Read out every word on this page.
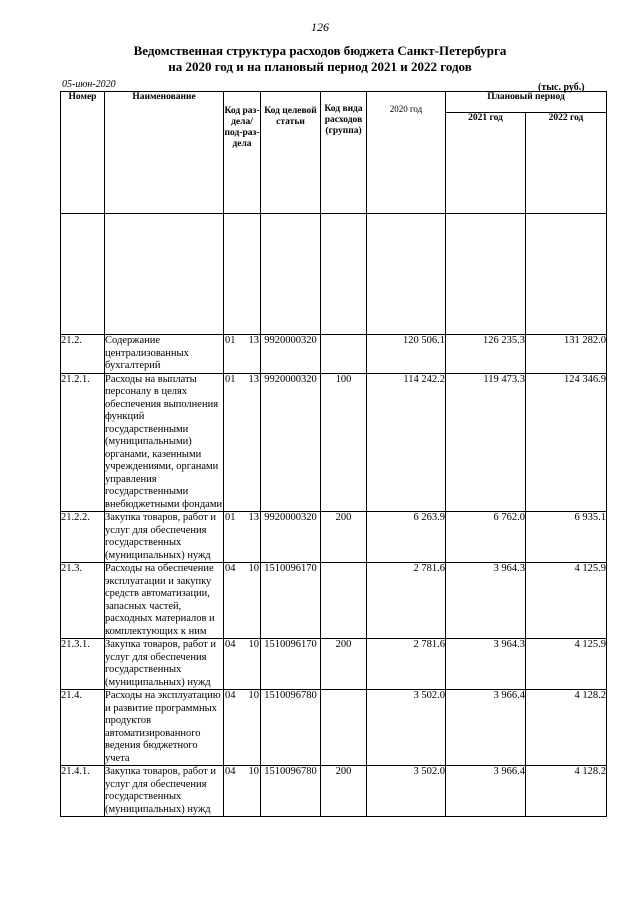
126
Ведомственная структура расходов бюджета Санкт-Петербурга
на 2020 год и на плановый период 2021 и 2022 годов
05-июн-2020	(тыс. руб.)
Номер	Наименование	Код раз-дела/ под-раз-дела	Код целевой статьи	Код вида расходов (группа)	2020 год	Плановый период	
						2021 год	2022 год

21.2.	Содержание централизованных бухгалтерий	01 13	9920000320		120 506.1	126 235.3	131 282.0
21.2.1.	Расходы на выплаты персоналу в целях обеспечения выполнения функций государственными (муниципальными) органами, казенными учреждениями, органами управления государственными внебюджетными фондами	01 13	9920000320	100	114 242.2	119 473.3	124 346.9
21.2.2.	Закупка товаров, работ и услуг для обеспечения государственных (муниципальных) нужд	01 13	9920000320	200	6 263.9	6 762.0	6 935.1
21.3.	Расходы на обеспечение эксплуатации и закупку средств автоматизации, запасных частей, расходных материалов и комплектующих к ним	04 10	1510096170		2 781.6	3 964.3	4 125.9
21.3.1.	Закупка товаров, работ и услуг для обеспечения государственных (муниципальных) нужд	04 10	1510096170	200	2 781.6	3 964.3	4 125.9
21.4.	Расходы на эксплуатацию и развитие программных продуктов автоматизированного ведения бюджетного учета	04 10	1510096780		3 502.0	3 966.4	4 128.2
21.4.1.	Закупка товаров, работ и услуг для обеспечения государственных (муниципальных) нужд	04 10	1510096780	200	3 502.0	3 966.4	4 128.2
